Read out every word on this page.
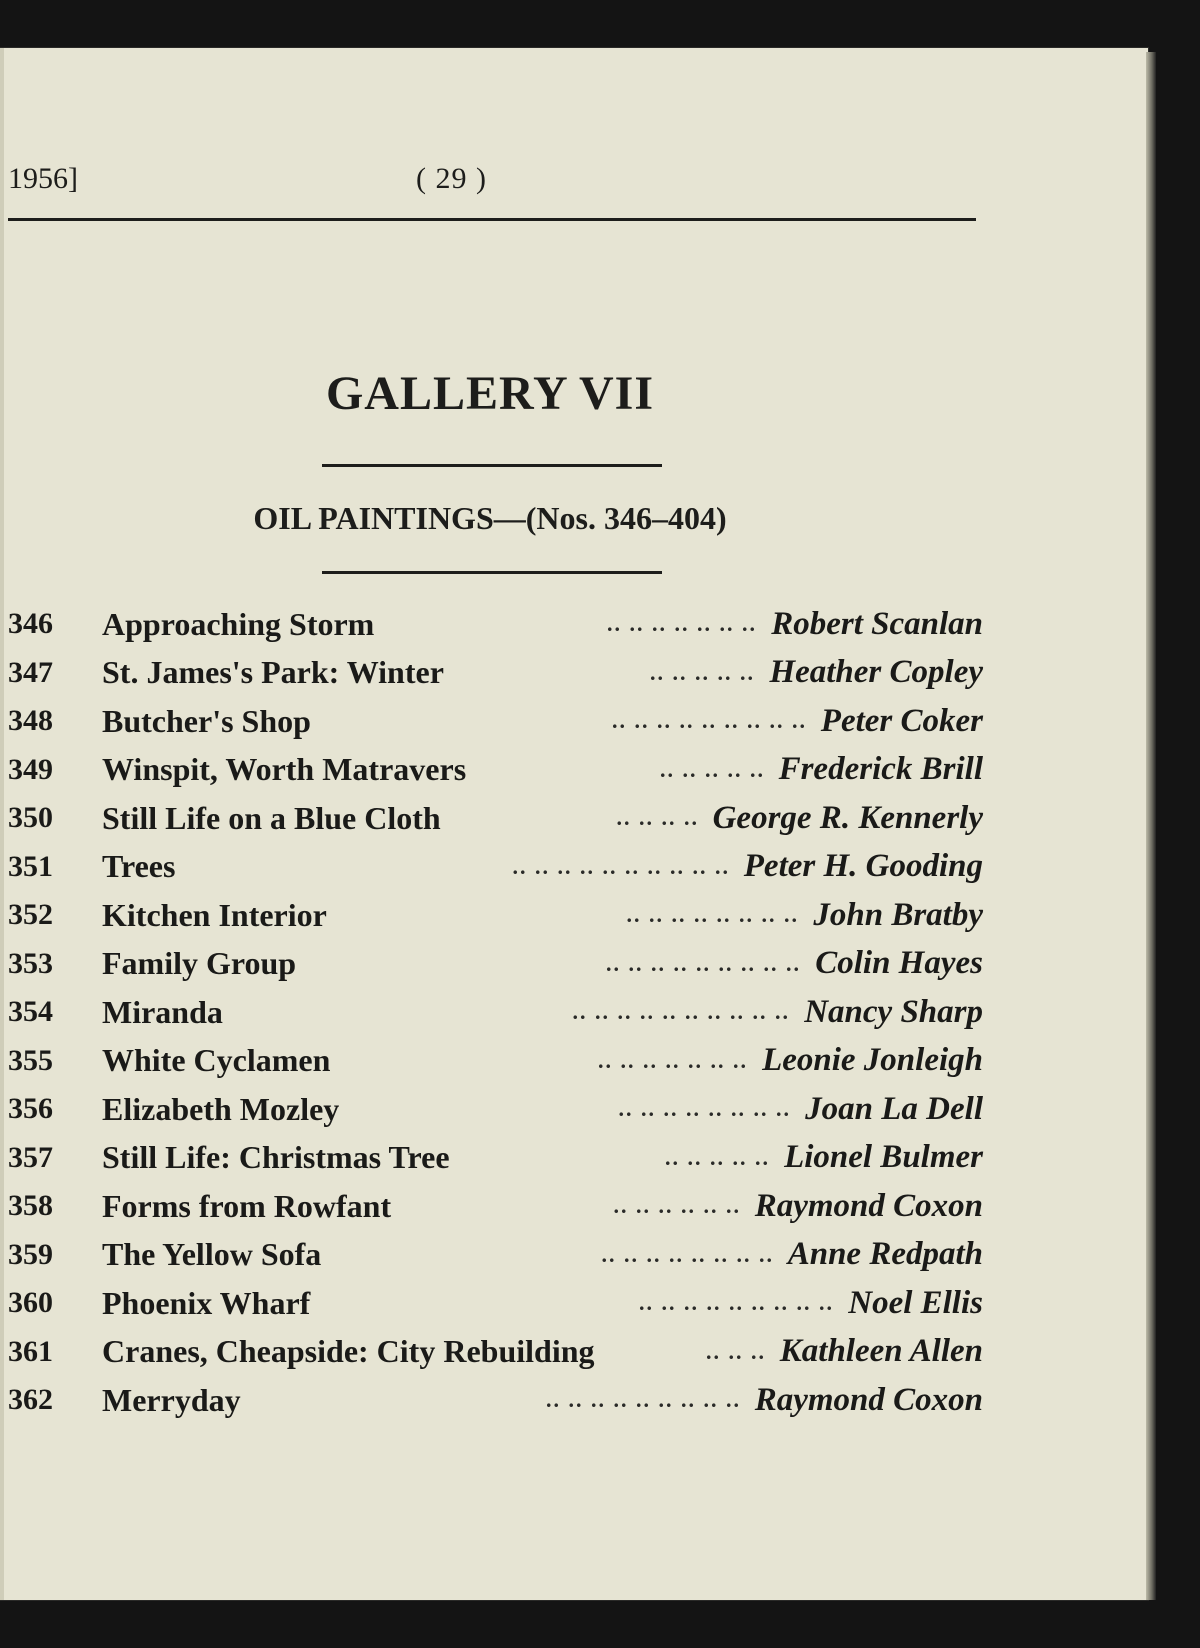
1956]	( 29 )
GALLERY VII
OIL PAINTINGS—(Nos. 346–404)
346	Approaching Storm	Robert Scanlan
.. .. .. .. .. .. ..
347	St. James's Park: Winter	Heather Copley
.. .. .. .. ..
348	Butcher's Shop	Peter Coker
.. .. .. .. .. .. .. .. ..
349	Winspit, Worth Matravers	Frederick Brill
.. .. .. .. ..
350	Still Life on a Blue Cloth	George R. Kennerly
.. .. .. ..
351	Trees	Peter H. Gooding
.. .. .. .. .. .. .. .. .. ..
352	Kitchen Interior	John Bratby
.. .. .. .. .. .. .. ..
353	Family Group	Colin Hayes
.. .. .. .. .. .. .. .. ..
354	Miranda	Nancy Sharp
.. .. .. .. .. .. .. .. .. ..
355	White Cyclamen	Leonie Jonleigh
.. .. .. .. .. .. ..
356	Elizabeth Mozley	Joan La Dell
.. .. .. .. .. .. .. ..
357	Still Life: Christmas Tree	Lionel Bulmer
.. .. .. .. ..
358	Forms from Rowfant	Raymond Coxon
.. .. .. .. .. ..
359	The Yellow Sofa	Anne Redpath
.. .. .. .. .. .. .. ..
360	Phoenix Wharf	Noel Ellis
.. .. .. .. .. .. .. .. ..
361	Cranes, Cheapside: City Rebuilding	Kathleen Allen
.. .. ..
362	Merryday	Raymond Coxon
.. .. .. .. .. .. .. .. ..
